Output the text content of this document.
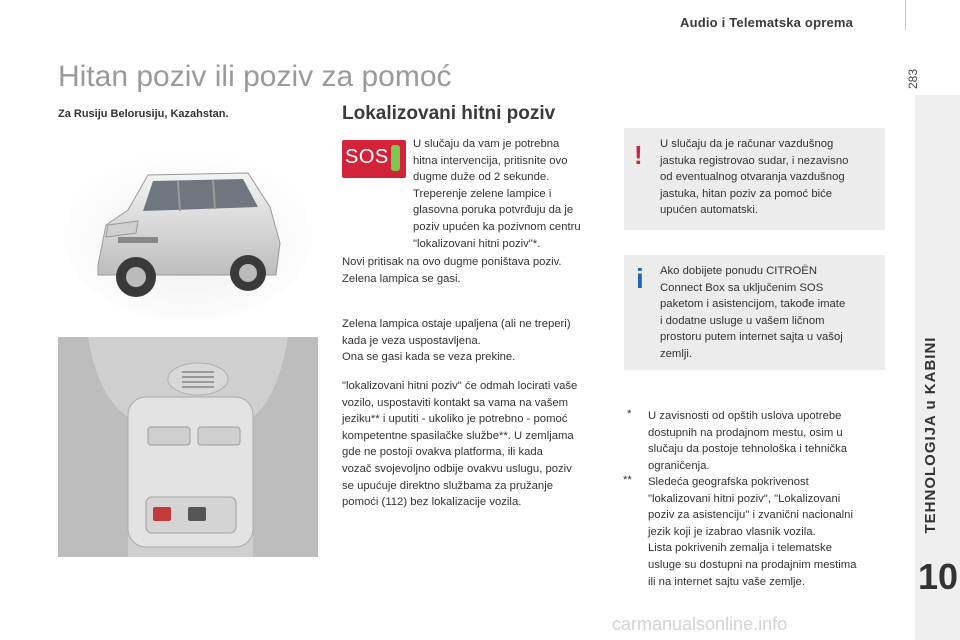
Audio i Telematska oprema
283
Hitan poziv ili poziv za pomoć
Za Rusiju Belorusiju, Kazahstan.	Lokalizovani hitni poziv
SOS
U slučaju da vam je potrebna
hitna intervencija, pritisnite ovo
dugme duže od 2 sekunde.
Treperenje zelene lampice i
glasovna poruka potvrđuju da je
poziv upućen ka pozivnom centru
"lokalizovani hitni poziv"*.
Novi pritisak na ovo dugme poništava poziv.
Zelena lampica se gasi.
Zelena lampica ostaje upaljena (ali ne treperi)
kada je veza uspostavljena.
Ona se gasi kada se veza prekine.
"lokalizovani hitni poziv" će odmah locirati vaše
vozilo, uspostaviti kontakt sa vama na vašem
jeziku** i uputiti - ukoliko je potrebno - pomoć
kompetentne spasilačke službe**. U zemljama
gde ne postoji ovakva platforma, ili kada
vozač svojevoljno odbije ovakvu uslugu, poziv
se upućuje direktno službama za pružanje
pomoći (112) bez lokalizacije vozila.
! U slučaju da je računar vazdušnog
jastuka registrovao sudar, i nezavisno
od eventualnog otvaranja vazdušnog
jastuka, hitan poziv za pomoć biće
upućen automatski.
i Ako dobijete ponudu CITROËN
Connect Box sa uključenim SOS
paketom i asistencijom, takođe imate
i dodatne usluge u vašem ličnom
prostoru putem internet sajta u vašoj
zemlji.
* U zavisnosti od opštih uslova upotrebe
dostupnih na prodajnom mestu, osim u
slučaju da postoje tehnološka i tehnička
ograničenja.
** Sledeća geografska pokrivenost
"lokalizovani hitni poziv", "Lokalizovani
poziv za asistenciju" i zvanični nacionalni
jezik koji je izabrao vlasnik vozila.
Lista pokrivenih zemalja i telematske
usluge su dostupni na prodajnim mestima
ili na internet sajtu vaše zemlje.
TEHNOLOGIJA u KABINI
10
carmanualsonline.info
